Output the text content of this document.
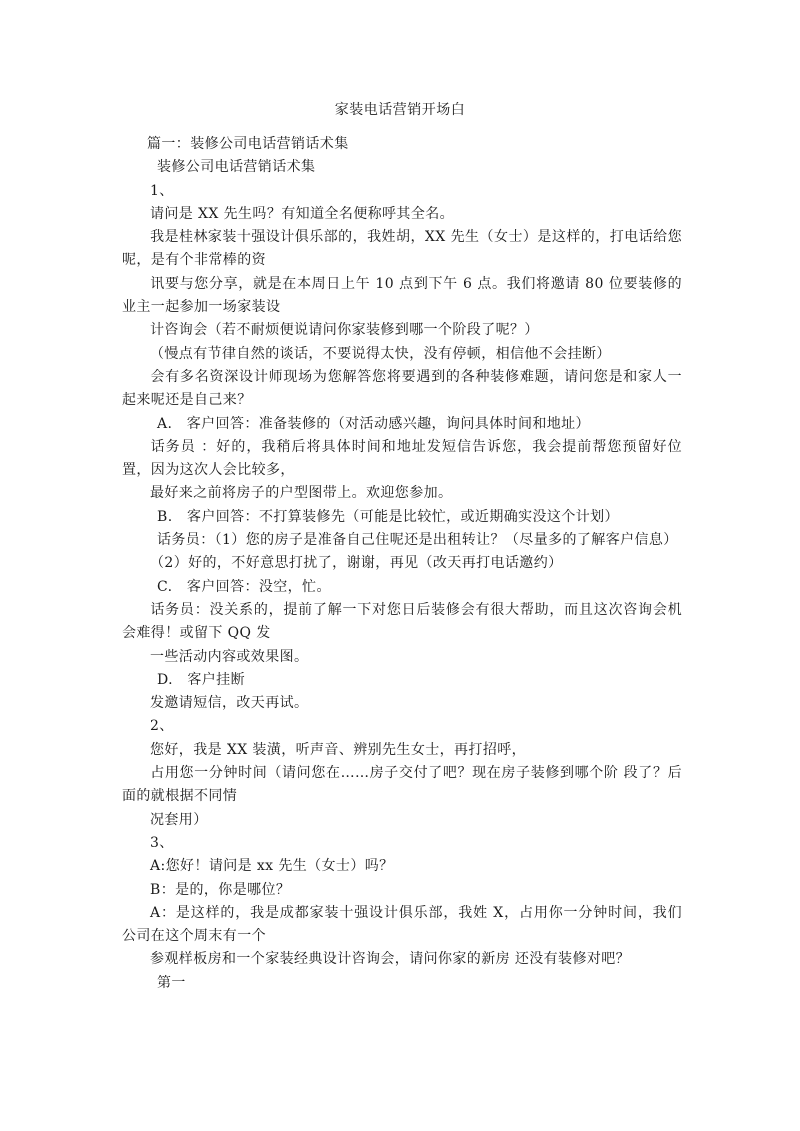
家装电话营销开场白

篇一：装修公司电话营销话术集

装修公司电话营销话术集

1、

请问是 XX 先生吗？有知道全名便称呼其全名。

我是桂林家装十强设计俱乐部的，我姓胡，XX 先生（女士）是这样的，打电话给您呢，是有个非常棒的资

讯要与您分享，就是在本周日上午 10 点到下午 6 点。我们将邀请 80 位要装修的业主一起参加一场家装设

计咨询会（若不耐烦便说请问你家装修到哪一个阶段了呢？）

（慢点有节律自然的谈话，不要说得太快，没有停顿，相信他不会挂断）

会有多名资深设计师现场为您解答您将要遇到的各种装修难题，请问您是和家人一起来呢还是自己来？

A.　客户回答：准备装修的（对活动感兴趣，询问具体时间和地址）

话务员 ：好的，我稍后将具体时间和地址发短信告诉您，我会提前帮您预留好位置，因为这次人会比较多，

最好来之前将房子的户型图带上。欢迎您参加。

B.　客户回答：不打算装修先（可能是比较忙，或近期确实没这个计划）

话务员：（1）您的房子是准备自己住呢还是出租转让？（尽量多的了解客户信息）

（2）好的，不好意思打扰了，谢谢，再见（改天再打电话邀约）

C.　客户回答：没空，忙。

话务员：没关系的，提前了解一下对您日后装修会有很大帮助，而且这次咨询会机会难得！或留下 QQ 发

一些活动内容或效果图。

D.　客户挂断

发邀请短信，改天再试。

2、

您好，我是 XX 装潢，听声音、辨别先生女士，再打招呼，

占用您一分钟时间（请问您在……房子交付了吧？现在房子装修到哪个阶 段了？后面的就根据不同情

况套用）

3、

A:您好！请问是 xx 先生（女士）吗？

B：是的，你是哪位？

A：是这样的，我是成都家装十强设计俱乐部，我姓 X，占用你一分钟时间，我们 公司在这个周末有一个

参观样板房和一个家装经典设计咨询会，请问你家的新房 还没有装修对吧？

第一
